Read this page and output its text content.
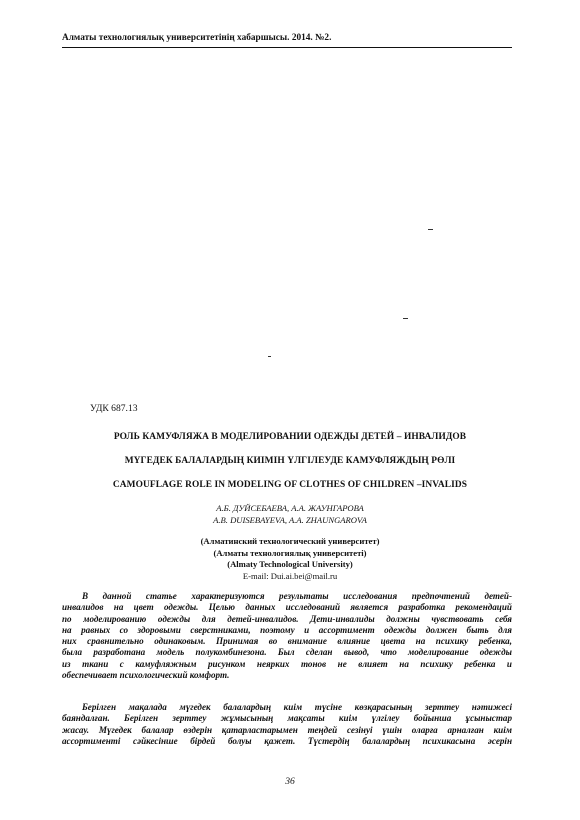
Алматы технологиялық университетінің хабаршысы. 2014. №2.
УДК 687.13
РОЛЬ КАМУФЛЯЖА В МОДЕЛИРОВАНИИ ОДЕЖДЫ ДЕТЕЙ – ИНВАЛИДОВ
МҮГЕДЕК БАЛАЛАРДЫҢ КИІМІН ҮЛГІЛЕУДЕ КАМУФЛЯЖДЫҢ РӨЛІ
CAMOUFLAGE ROLE IN MODELING OF CLOTHES OF CHILDREN –INVALIDS
А.Б. ДУЙСЕБАЕВА, А.А. ЖАУНГАРОВА
A.B. DUISEBAYEVA, A.A. ZHAUNGAROVA
(Алматинский технологический университет)
(Алматы технологиялық университеті)
(Almaty Technological University)
E-mail: Dui.ai.bei@mail.ru
В данной статье характеризуются результаты исследования предпочтений детей-
инвалидов на цвет одежды. Целью данных исследований является разработка рекомендаций
по моделированию одежды для детей-инвалидов. Дети-инвалиды должны чувствовать себя
на равных со здоровыми сверстниками, поэтому и ассортимент одежды должен быть для
них сравнительно одинаковым. Принимая во внимание влияние цвета на психику ребенка,
была разработана модель полукомбинезона. Был сделан вывод, что моделирование одежды
из ткани с камуфляжным рисунком неярких тонов не влияет на психику ребенка и
обеспечивает психологический комфорт.
Берілген мақалада мүгедек балалардың киім түсіне көзқарасының зерттеу нәтижесі
баяндалған. Берілген зерттеу жұмысының мақсаты киім үлгілеу бойынша ұсыныстар
жасау. Мүгедек балалар өздерін қатарластарымен теңдей сезінуі үшін оларға арналған киім
ассортименті сәйкесінше бірдей болуы қажет. Түстердің балалардың психикасына әсерін
36
